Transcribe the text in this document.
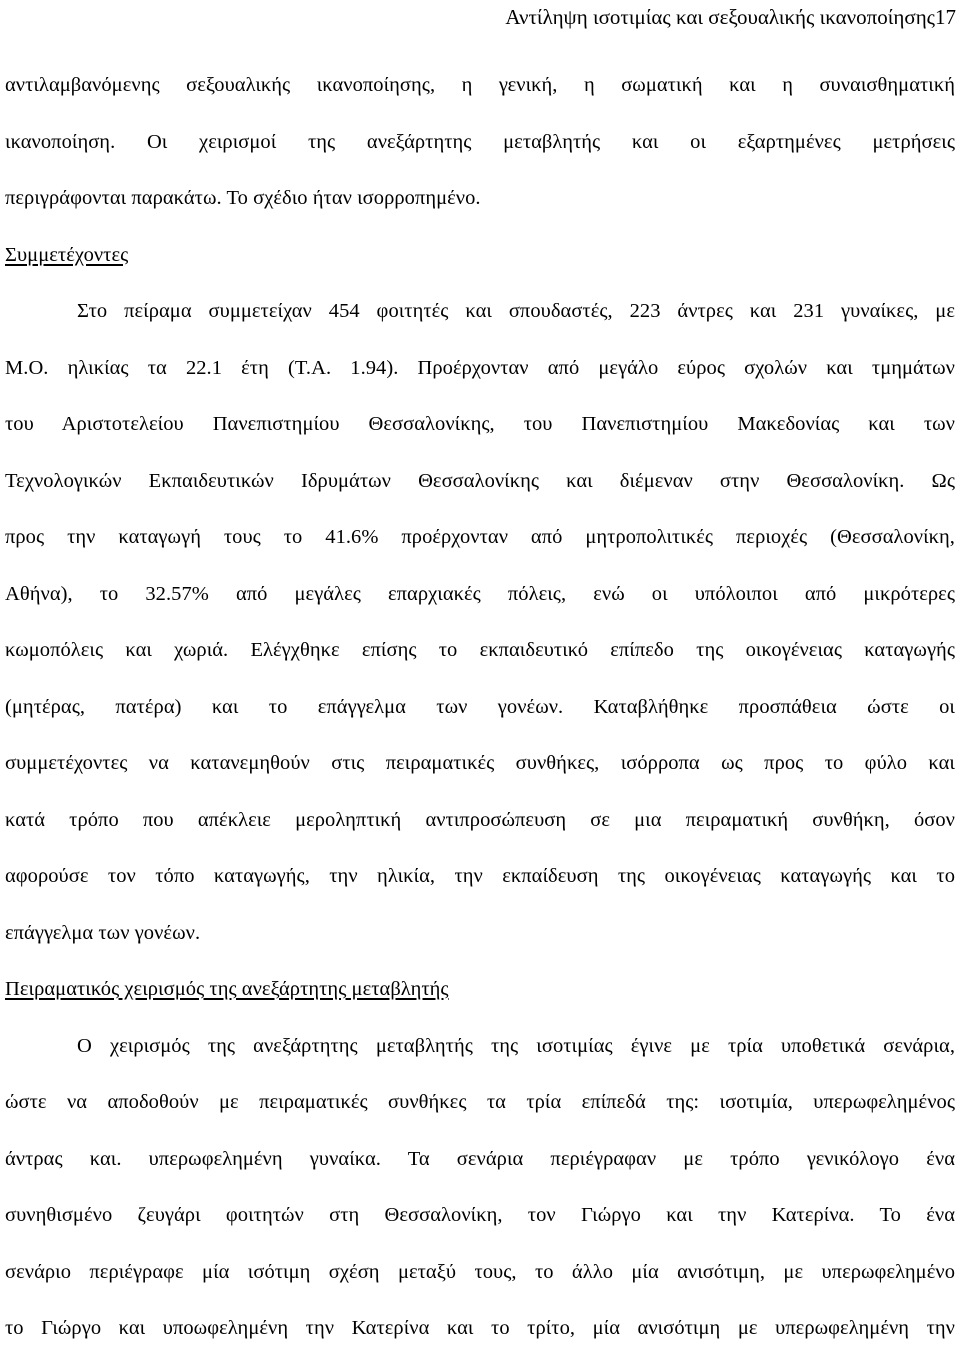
Αντίληψη ισοτιμίας και σεξουαλικής ικανοποίησης17
αντιλαμβανόμενης σεξουαλικής ικανοποίησης, η γενική, η σωματική και η συναισθηματική
ικανοποίηση. Οι χειρισμοί της ανεξάρτητης μεταβλητής και οι εξαρτημένες μετρήσεις
περιγράφονται παρακάτω. Το σχέδιο ήταν ισορροπημένο.
Συμμετέχοντες
Στο πείραμα συμμετείχαν 454 φοιτητές και σπουδαστές, 223 άντρες και 231 γυναίκες, με
Μ.Ο. ηλικίας τα 22.1 έτη (Τ.Α. 1.94). Προέρχονταν από μεγάλο εύρος σχολών και τμημάτων
του Αριστοτελείου Πανεπιστημίου Θεσσαλονίκης, του Πανεπιστημίου Μακεδονίας και των
Τεχνολογικών Εκπαιδευτικών Ιδρυμάτων Θεσσαλονίκης και διέμεναν στην Θεσσαλονίκη. Ως
προς την καταγωγή τους το 41.6% προέρχονταν από μητροπολιτικές περιοχές (Θεσσαλονίκη,
Αθήνα), το 32.57% από μεγάλες επαρχιακές πόλεις, ενώ οι υπόλοιποι από μικρότερες
κωμοπόλεις και χωριά. Ελέγχθηκε επίσης το εκπαιδευτικό επίπεδο της οικογένειας καταγωγής
(μητέρας, πατέρα) και το επάγγελμα των γονέων. Καταβλήθηκε προσπάθεια ώστε οι
συμμετέχοντες να κατανεμηθούν στις πειραματικές συνθήκες, ισόρροπα ως προς το φύλο και
κατά τρόπο που απέκλειε μεροληπτική αντιπροσώπευση σε μια πειραματική συνθήκη, όσον
αφορούσε τον τόπο καταγωγής, την ηλικία, την εκπαίδευση της οικογένειας καταγωγής και το
επάγγελμα των γονέων.
Πειραματικός χειρισμός της ανεξάρτητης μεταβλητής
Ο χειρισμός της ανεξάρτητης μεταβλητής της ισοτιμίας έγινε με τρία υποθετικά σενάρια,
ώστε να αποδοθούν με πειραματικές συνθήκες τα τρία επίπεδά της: ισοτιμία, υπερωφελημένος
άντρας και. υπερωφελημένη γυναίκα. Τα σενάρια περιέγραφαν με τρόπο γενικόλογο ένα
συνηθισμένο ζευγάρι φοιτητών στη Θεσσαλονίκη, τον Γιώργο και την Κατερίνα. Το ένα
σενάριο περιέγραφε μία ισότιμη σχέση μεταξύ τους, το άλλο μία ανισότιμη, με υπερωφελημένο
το Γιώργο και υποωφελημένη την Κατερίνα και το τρίτο, μία ανισότιμη με υπερωφελημένη την
